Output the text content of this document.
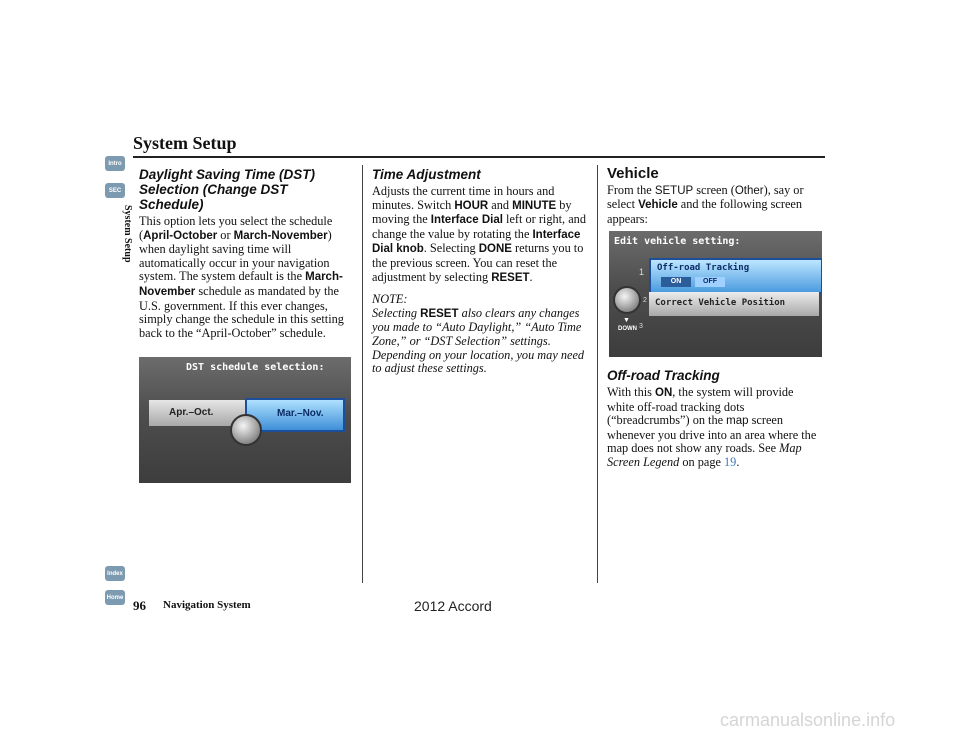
System Setup
Intro
SEC
System Setup
Index
Home
Daylight Saving Time (DST) Selection (Change DST Schedule)

This option lets you select the schedule (April-October or March-November) when daylight saving time will automatically occur in your navigation system. The system default is the March-November schedule as mandated by the U.S. government. If this ever changes, simply change the schedule in this setting back to the “April-October” schedule.

DST schedule selection:
Apr.–Oct.	Mar.–Nov.
Time Adjustment

Adjusts the current time in hours and minutes. Switch HOUR and MINUTE by moving the Interface Dial left or right, and change the value by rotating the Interface Dial knob. Selecting DONE returns you to the previous screen. You can reset the adjustment by selecting RESET.

NOTE:

Selecting RESET also clears any changes you made to “Auto Daylight,” “Auto Time Zone,” or “DST Selection” settings. Depending on your location, you may need to adjust these settings.

Vehicle

From the SETUP screen (Other), say or select Vehicle and the following screen appears:

Edit vehicle setting:
Off-road Tracking
ON	OFF
Correct Vehicle Position
1
2
3
▼
DOWN
Off-road Tracking

With this ON, the system will provide white off-road tracking dots (“breadcrumbs”) on the map screen whenever you drive into an area where the map does not show any roads. See Map Screen Legend on page 19.

96 Navigation System	2012 Accord
carmanualsonline.info
